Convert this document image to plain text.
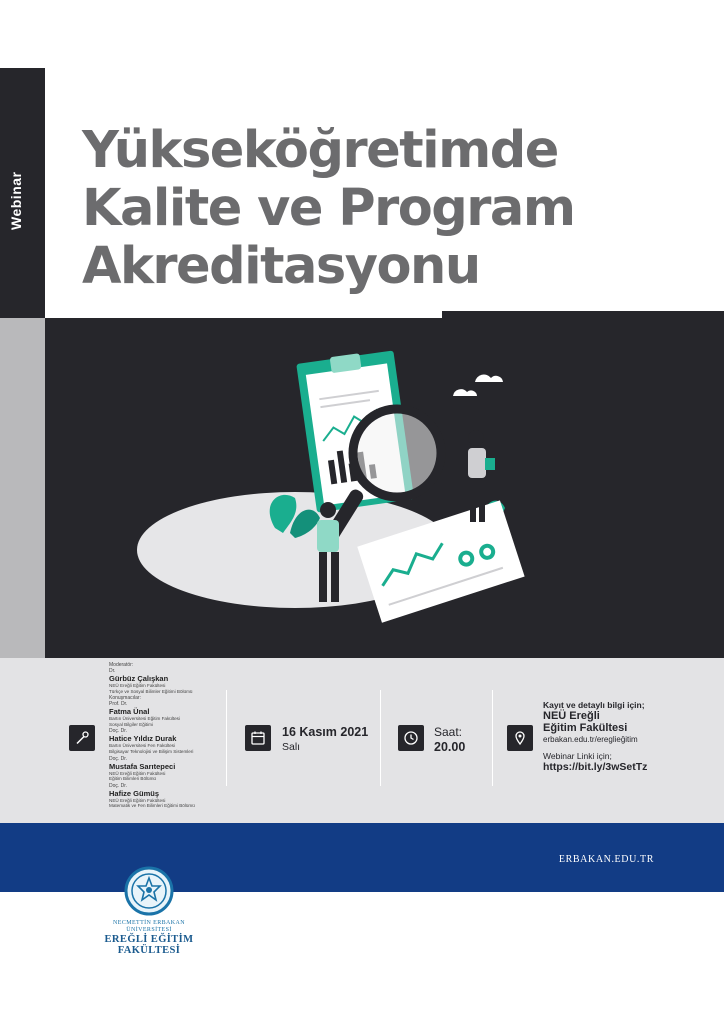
Webinar
Yükseköğretimde
Kalite ve Program
Akreditasyonu
Moderatör:
Dr.
Gürbüz Çalışkan
NEÜ Ereğli Eğitim Fakültesi
Türkçe ve Sosyal Bilimler Eğitimi Bölümü
Konuşmacılar:
Prof. Dr.
Fatma Ünal
Bartın Üniversitesi Eğitim Fakültesi
Sosyal Bilgiler Eğitimi
Doç. Dr.
Hatice Yıldız Durak
Bartın Üniversitesi Fen Fakültesi
Bilgisayar Teknolojisi ve Bilişim Sistemleri
Doç. Dr.
Mustafa Sarıtepeci
NEÜ Ereğli Eğitim Fakültesi
Eğitim Bilimleri Bölümü
Doç. Dr.
Hafize Gümüş
NEÜ Ereğli Eğitim Fakültesi
Matematik ve Fen Bilimleri Eğitimi Bölümü
16 Kasım 2021
Salı
Saat:
20.00
Kayıt ve detaylı bilgi için;
NEÜ Ereğli
Eğitim Fakültesi
erbakan.edu.tr/ereglieğitim
Webinar Linki için;
https://bit.ly/3wSetTz
ERBAKAN.EDU.TR
NECMETTİN ERBAKAN
ÜNİVERSİTESİ
EREĞLİ EĞİTİM
FAKÜLTESİ
